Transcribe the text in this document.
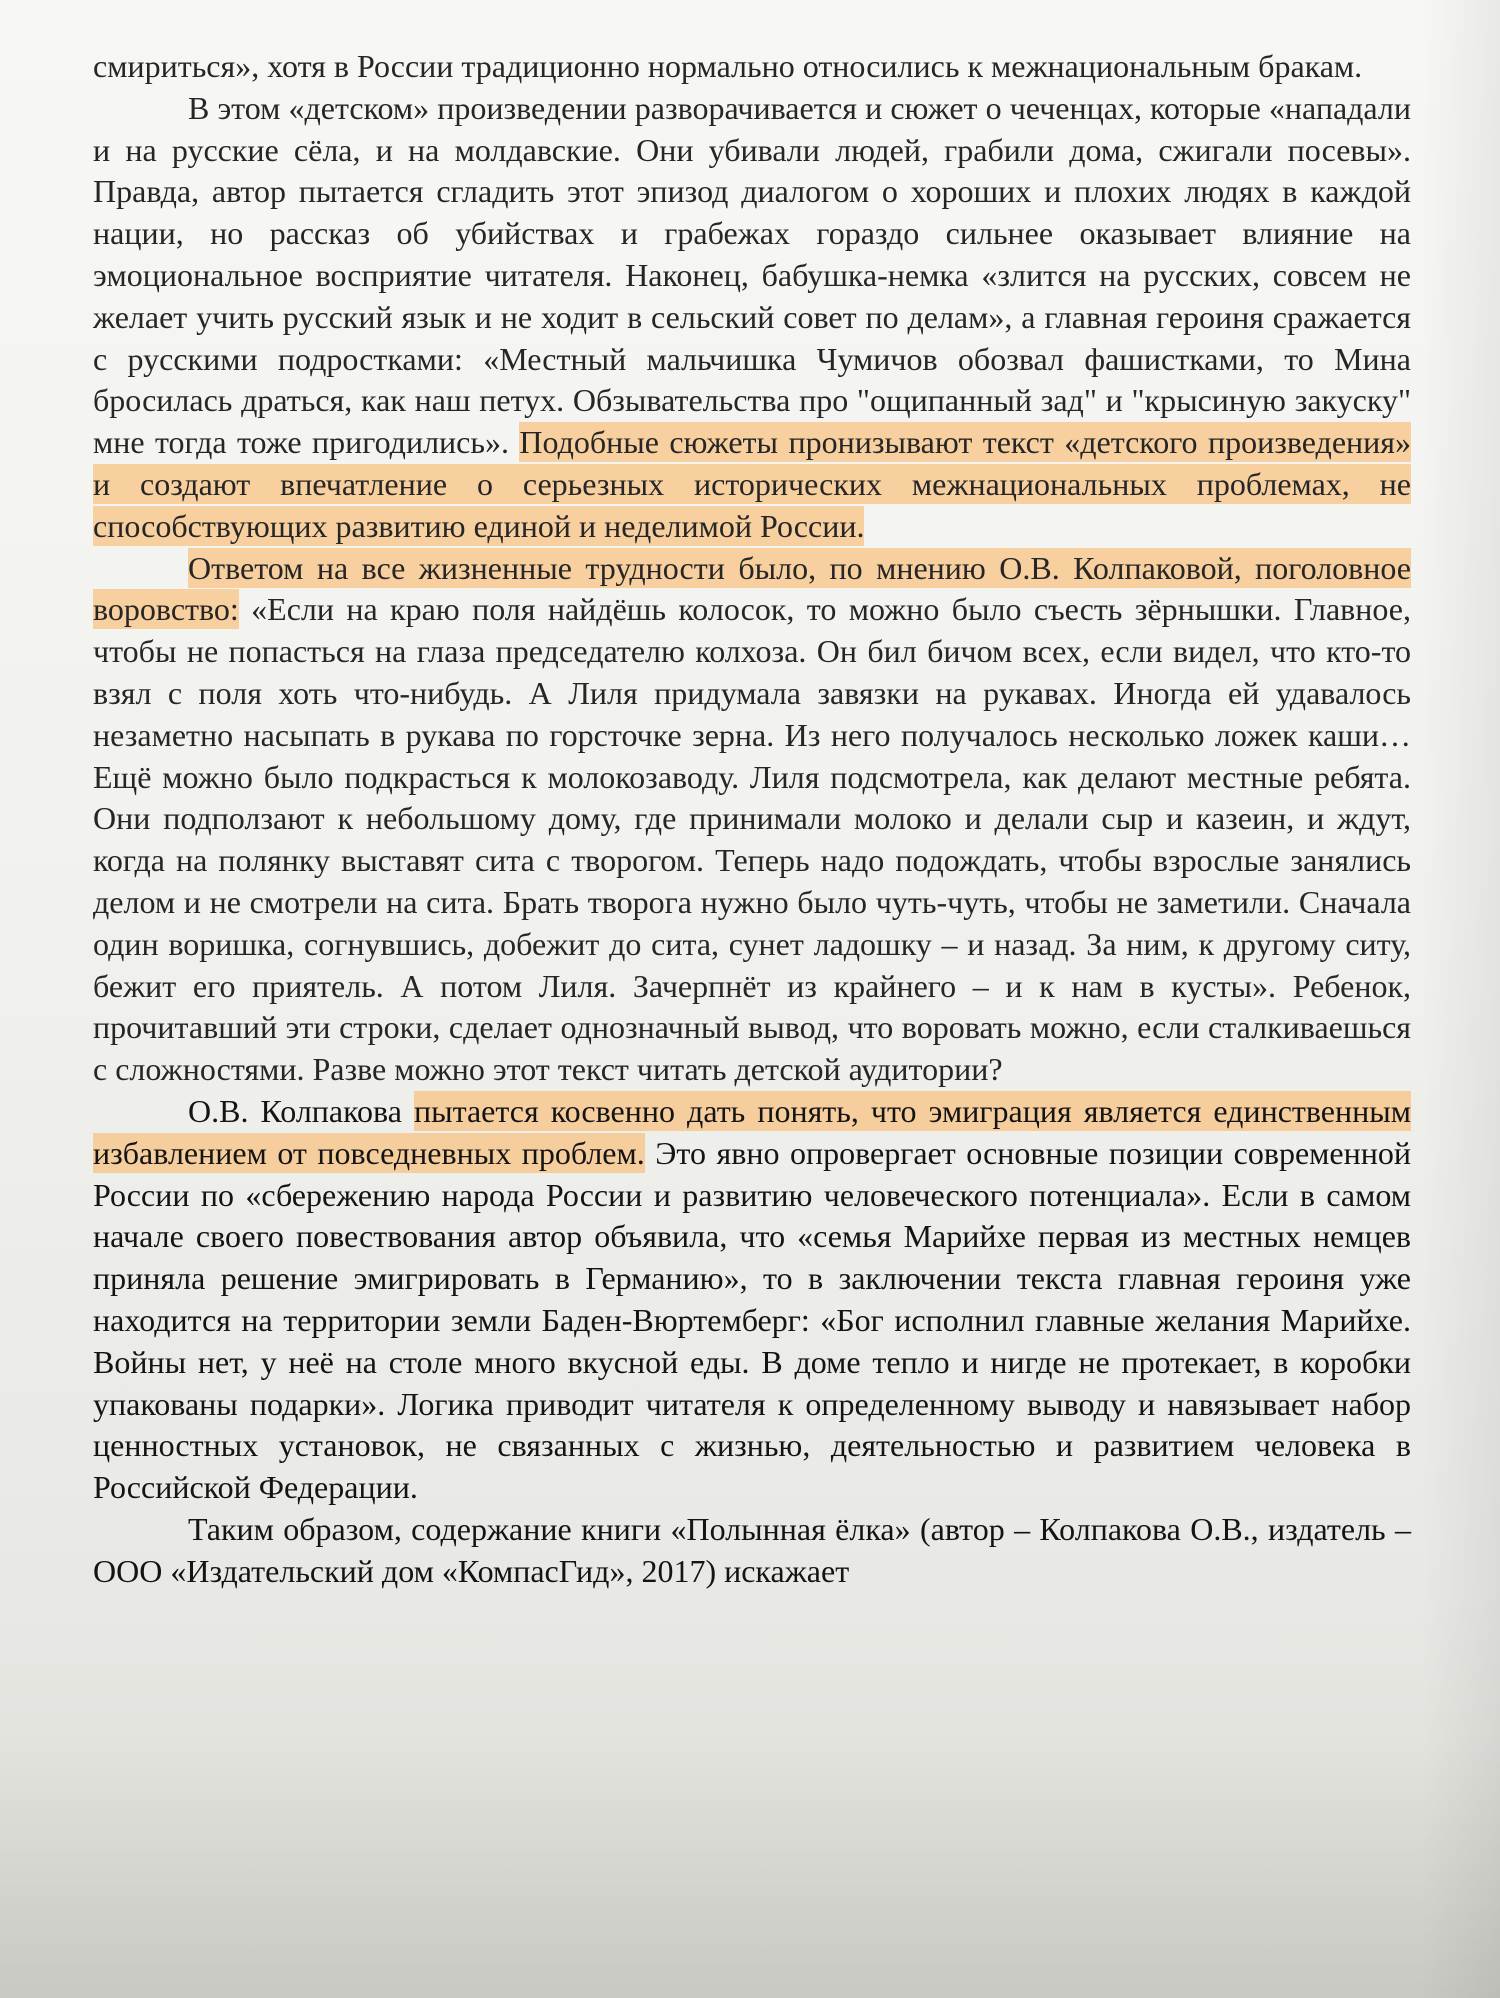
смириться», хотя в России традиционно нормально относились к межнациональным бракам.

В этом «детском» произведении разворачивается и сюжет о чеченцах, которые «нападали и на русские сёла, и на молдавские. Они убивали людей, грабили дома, сжигали посевы». Правда, автор пытается сгладить этот эпизод диалогом о хороших и плохих людях в каждой нации, но рассказ об убийствах и грабежах гораздо сильнее оказывает влияние на эмоциональное восприятие читателя. Наконец, бабушка-немка «злится на русских, совсем не желает учить русский язык и не ходит в сельский совет по делам», а главная героиня сражается с русскими подростками: «Местный мальчишка Чумичов обозвал фашистками, то Мина бросилась драться, как наш петух. Обзывательства про "ощипанный зад" и "крысиную закуску" мне тогда тоже пригодились». Подобные сюжеты пронизывают текст «детского произведения» и создают впечатление о серьезных исторических межнациональных проблемах, не способствующих развитию единой и неделимой России.

Ответом на все жизненные трудности было, по мнению О.В. Колпаковой, поголовное воровство: «Если на краю поля найдёшь колосок, то можно было съесть зёрнышки. Главное, чтобы не попасться на глаза председателю колхоза. Он бил бичом всех, если видел, что кто-то взял с поля хоть что-нибудь. А Лиля придумала завязки на рукавах. Иногда ей удавалось незаметно насыпать в рукава по горсточке зерна. Из него получалось несколько ложек каши… Ещё можно было подкрасться к молокозаводу. Лиля подсмотрела, как делают местные ребята. Они подползают к небольшому дому, где принимали молоко и делали сыр и казеин, и ждут, когда на полянку выставят сита с творогом. Теперь надо подождать, чтобы взрослые занялись делом и не смотрели на сита. Брать творога нужно было чуть-чуть, чтобы не заметили. Сначала один воришка, согнувшись, добежит до сита, сунет ладошку – и назад. За ним, к другому ситу, бежит его приятель. А потом Лиля. Зачерпнёт из крайнего – и к нам в кусты». Ребенок, прочитавший эти строки, сделает однозначный вывод, что воровать можно, если сталкиваешься с сложностями. Разве можно этот текст читать детской аудитории?

О.В. Колпакова пытается косвенно дать понять, что эмиграция является единственным избавлением от повседневных проблем. Это явно опровергает основные позиции современной России по «сбережению народа России и развитию человеческого потенциала». Если в самом начале своего повествования автор объявила, что «семья Марийхе первая из местных немцев приняла решение эмигрировать в Германию», то в заключении текста главная героиня уже находится на территории земли Баден-Вюртемберг: «Бог исполнил главные желания Марийхе. Войны нет, у неё на столе много вкусной еды. В доме тепло и нигде не протекает, в коробки упакованы подарки». Логика приводит читателя к определенному выводу и навязывает набор ценностных установок, не связанных с жизнью, деятельностью и развитием человека в Российской Федерации.

Таким образом, содержание книги «Полынная ёлка» (автор – Колпакова О.В., издатель – ООО «Издательский дом «КомпасГид», 2017) искажает
